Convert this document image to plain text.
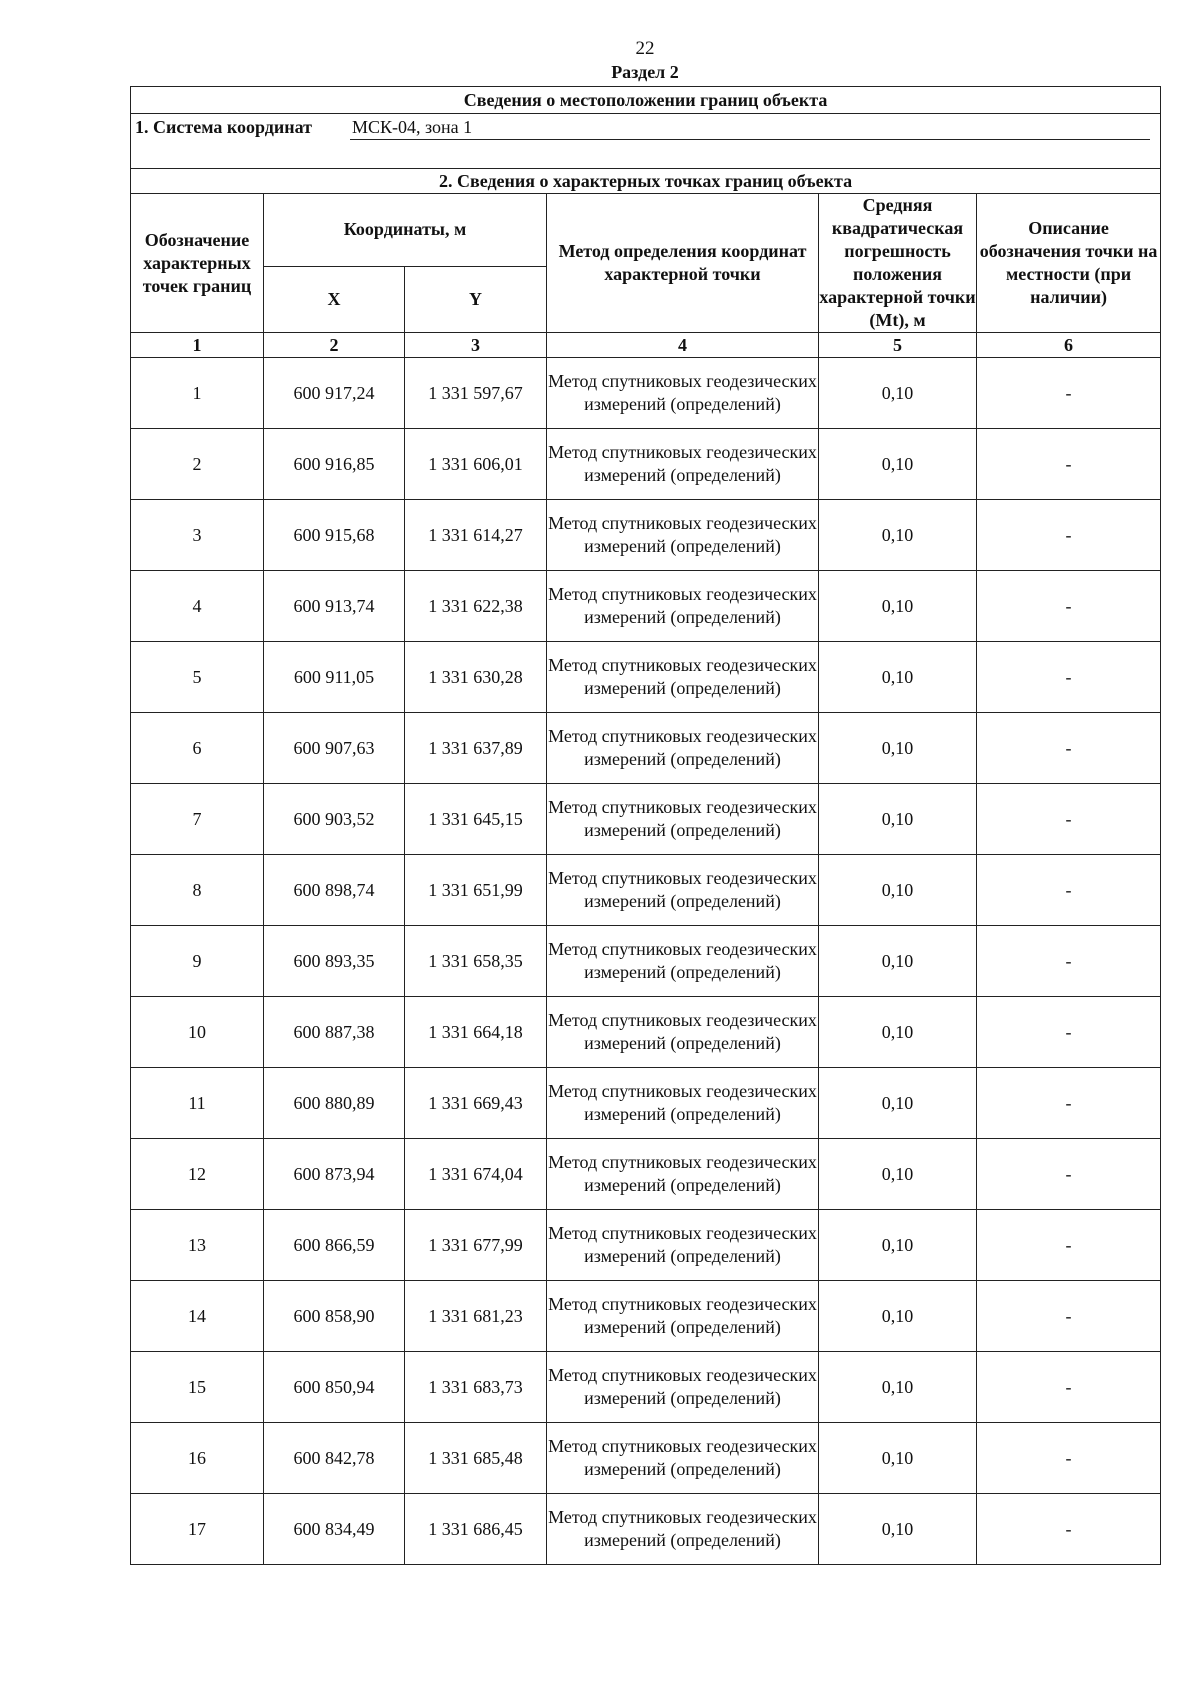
22
Раздел 2
Сведения о местоположении границ объекта					

1. Система координат МСК-04, зона 1					

2. Сведения о характерных точках границ объекта					
Обозначение характерных точек границ	Координаты, м		Метод определения координат характерной точки	Средняя квадратическая погрешность положения характерной точки (Mt), м	Описание обозначения точки на местности (при наличии)
	X	Y			
1	2	3	4	5	6
1	600 917,24	1 331 597,67	Метод спутниковых геодезических измерений (определений)	0,10	-
2	600 916,85	1 331 606,01	Метод спутниковых геодезических измерений (определений)	0,10	-
3	600 915,68	1 331 614,27	Метод спутниковых геодезических измерений (определений)	0,10	-
4	600 913,74	1 331 622,38	Метод спутниковых геодезических измерений (определений)	0,10	-
5	600 911,05	1 331 630,28	Метод спутниковых геодезических измерений (определений)	0,10	-
6	600 907,63	1 331 637,89	Метод спутниковых геодезических измерений (определений)	0,10	-
7	600 903,52	1 331 645,15	Метод спутниковых геодезических измерений (определений)	0,10	-
8	600 898,74	1 331 651,99	Метод спутниковых геодезических измерений (определений)	0,10	-
9	600 893,35	1 331 658,35	Метод спутниковых геодезических измерений (определений)	0,10	-
10	600 887,38	1 331 664,18	Метод спутниковых геодезических измерений (определений)	0,10	-
11	600 880,89	1 331 669,43	Метод спутниковых геодезических измерений (определений)	0,10	-
12	600 873,94	1 331 674,04	Метод спутниковых геодезических измерений (определений)	0,10	-
13	600 866,59	1 331 677,99	Метод спутниковых геодезических измерений (определений)	0,10	-
14	600 858,90	1 331 681,23	Метод спутниковых геодезических измерений (определений)	0,10	-
15	600 850,94	1 331 683,73	Метод спутниковых геодезических измерений (определений)	0,10	-
16	600 842,78	1 331 685,48	Метод спутниковых геодезических измерений (определений)	0,10	-
17	600 834,49	1 331 686,45	Метод спутниковых геодезических измерений (определений)	0,10	-
